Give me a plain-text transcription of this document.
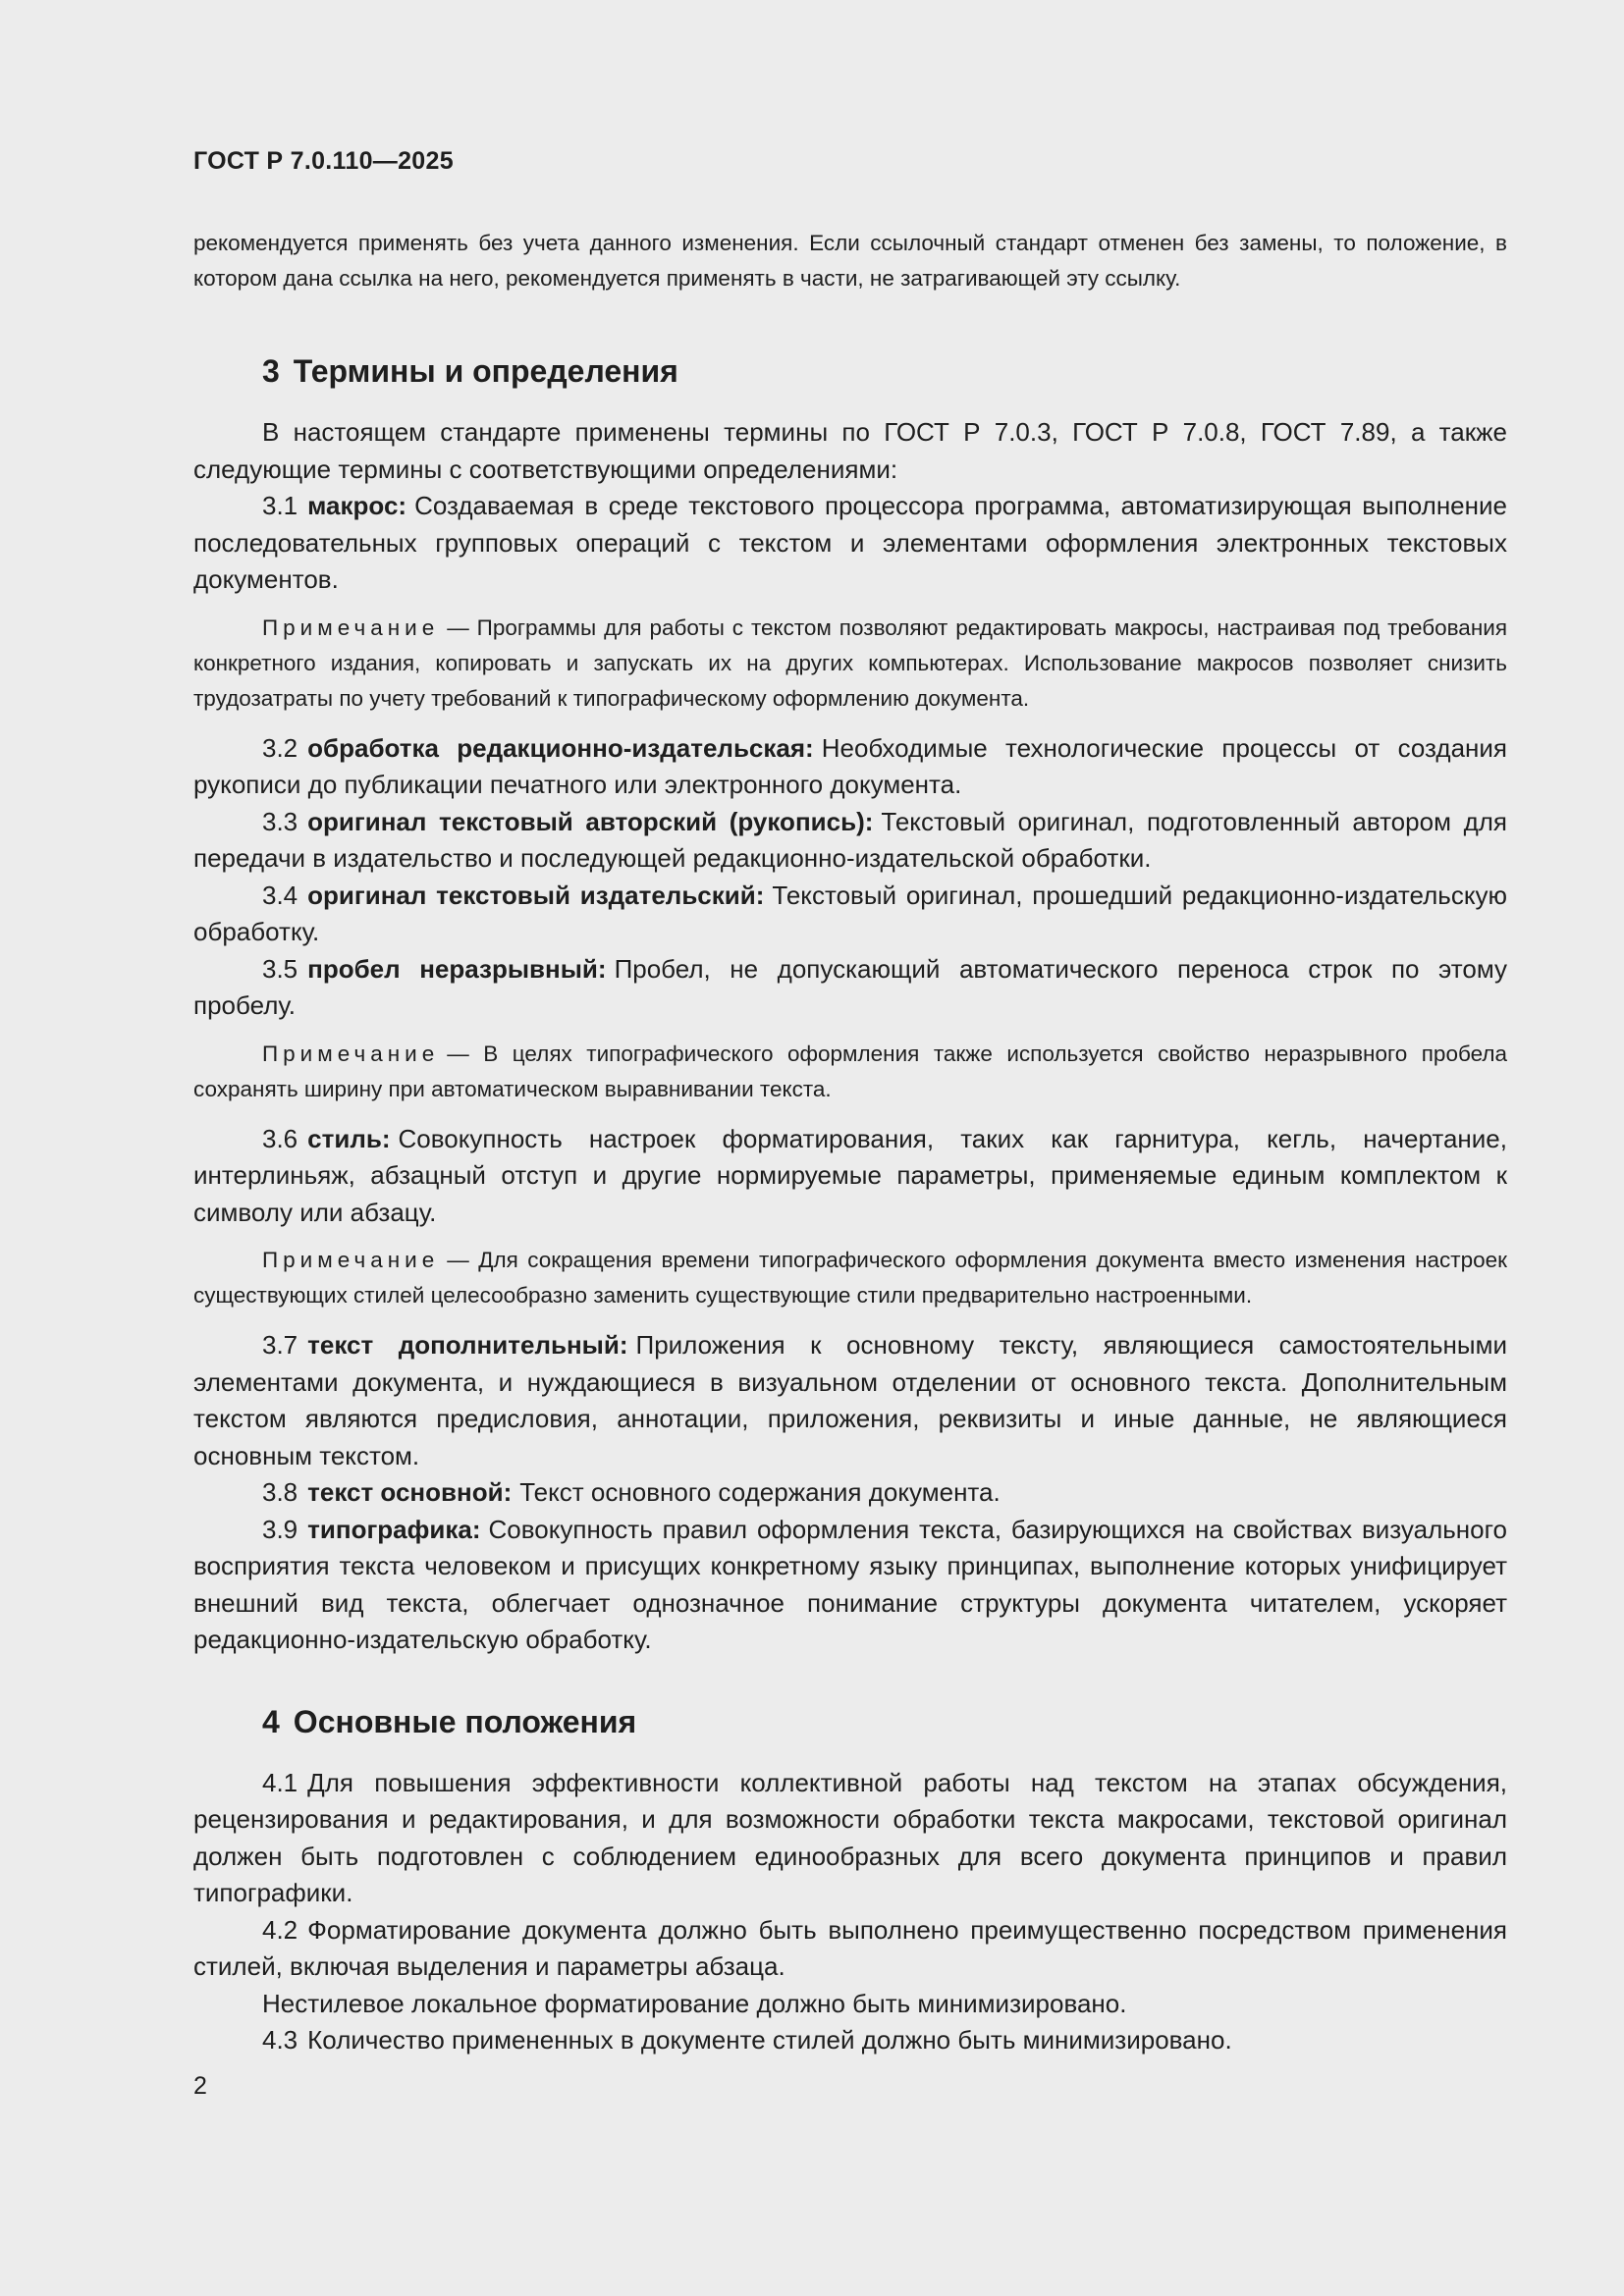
ГОСТ Р 7.0.110—2025

рекомендуется применять без учета данного изменения. Если ссылочный стандарт отменен без замены, то положение, в котором дана ссылка на него, рекомендуется применять в части, не затрагивающей эту ссылку.

3 Термины и определения

В настоящем стандарте применены термины по ГОСТ Р 7.0.3, ГОСТ Р 7.0.8, ГОСТ 7.89, а также следующие термины с соответствующими определениями:

3.1 макрос: Создаваемая в среде текстового процессора программа, автоматизирующая выполнение последовательных групповых операций с текстом и элементами оформления электронных текстовых документов.

Примечание — Программы для работы с текстом позволяют редактировать макросы, настраивая под требования конкретного издания, копировать и запускать их на других компьютерах. Использование макросов позволяет снизить трудозатраты по учету требований к типографическому оформлению документа.

3.2 обработка редакционно-издательская: Необходимые технологические процессы от создания рукописи до публикации печатного или электронного документа.

3.3 оригинал текстовый авторский (рукопись): Текстовый оригинал, подготовленный автором для передачи в издательство и последующей редакционно-издательской обработки.

3.4 оригинал текстовый издательский: Текстовый оригинал, прошедший редакционно-издательскую обработку.

3.5 пробел неразрывный: Пробел, не допускающий автоматического переноса строк по этому пробелу.

Примечание — В целях типографического оформления также используется свойство неразрывного пробела сохранять ширину при автоматическом выравнивании текста.

3.6 стиль: Совокупность настроек форматирования, таких как гарнитура, кегль, начертание, интерлиньяж, абзацный отступ и другие нормируемые параметры, применяемые единым комплектом к символу или абзацу.

Примечание — Для сокращения времени типографического оформления документа вместо изменения настроек существующих стилей целесообразно заменить существующие стили предварительно настроенными.

3.7 текст дополнительный: Приложения к основному тексту, являющиеся самостоятельными элементами документа, и нуждающиеся в визуальном отделении от основного текста. Дополнительным текстом являются предисловия, аннотации, приложения, реквизиты и иные данные, не являющиеся основным текстом.

3.8 текст основной: Текст основного содержания документа.

3.9 типографика: Совокупность правил оформления текста, базирующихся на свойствах визуального восприятия текста человеком и присущих конкретному языку принципах, выполнение которых унифицирует внешний вид текста, облегчает однозначное понимание структуры документа читателем, ускоряет редакционно-издательскую обработку.

4 Основные положения

4.1 Для повышения эффективности коллективной работы над текстом на этапах обсуждения, рецензирования и редактирования, и для возможности обработки текста макросами, текстовой оригинал должен быть подготовлен с соблюдением единообразных для всего документа принципов и правил типографики.

4.2 Форматирование документа должно быть выполнено преимущественно посредством применения стилей, включая выделения и параметры абзаца.

Нестилевое локальное форматирование должно быть минимизировано.

4.3 Количество примененных в документе стилей должно быть минимизировано.

2
